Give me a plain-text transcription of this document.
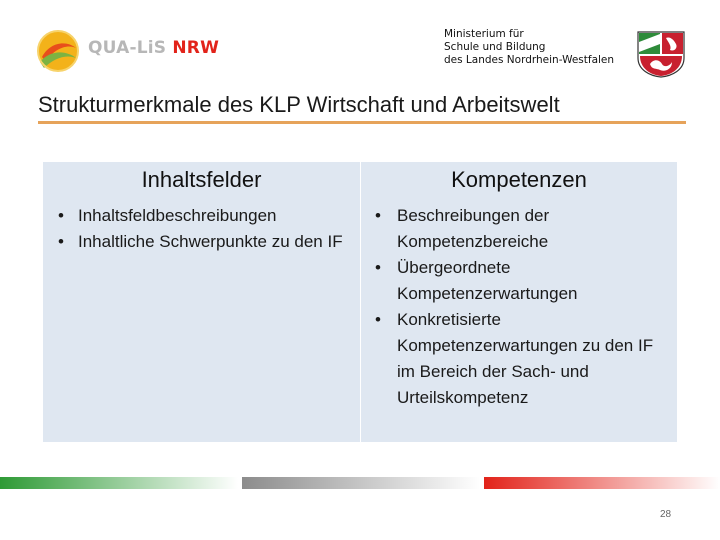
QUA-LiS NRW
Ministerium für
Schule und Bildung
des Landes Nordrhein-Westfalen
Strukturmerkmale des KLP Wirtschaft und Arbeitswelt
Inhaltsfelder
• Inhaltsfeldbeschreibungen
• Inhaltliche Schwerpunkte zu den IF
Kompetenzen
• Beschreibungen der Kompetenzbereiche
• Übergeordnete Kompetenzerwartungen
• Konkretisierte Kompetenzerwartungen zu den IF im Bereich der Sach- und Urteilskompetenz
28
